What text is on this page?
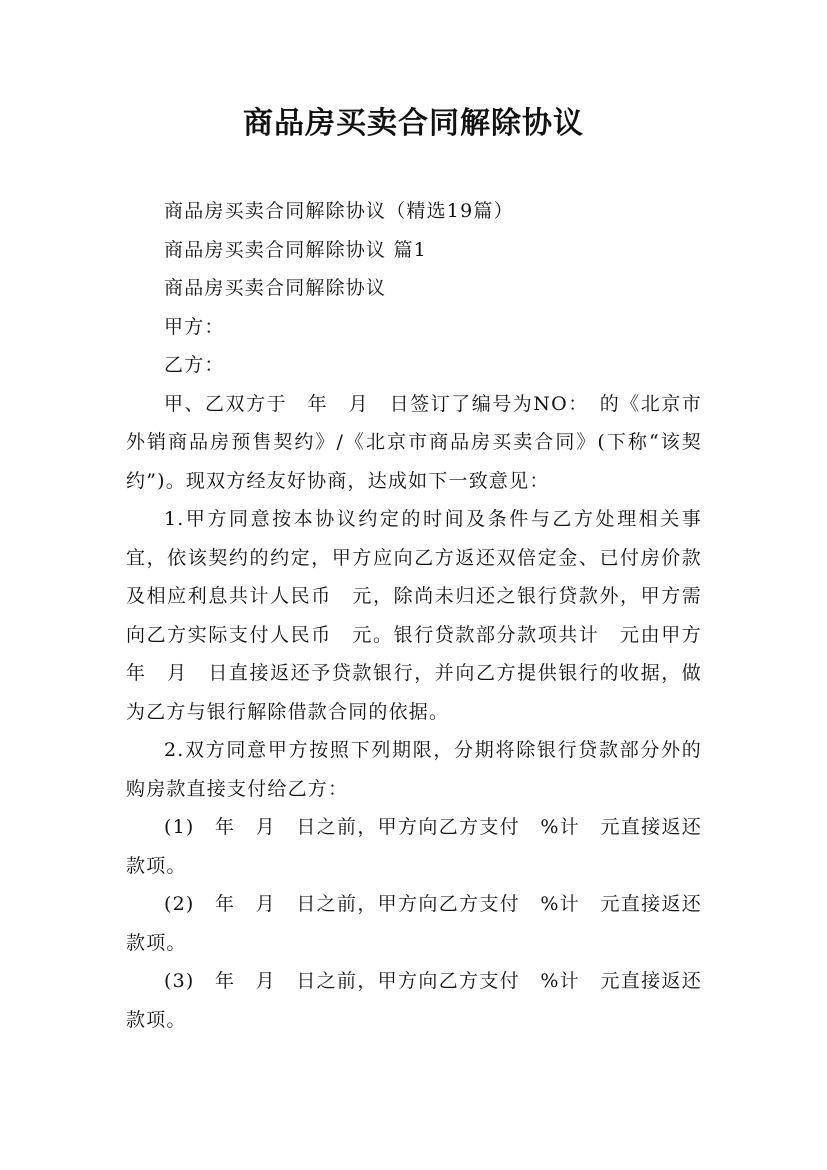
商品房买卖合同解除协议

商品房买卖合同解除协议（精选19篇）

商品房买卖合同解除协议 篇1

商品房买卖合同解除协议

甲方：

乙方：

甲、乙双方于　年　月　日签订了编号为NO：　的《北京市外销商品房预售契约》/《北京市商品房买卖合同》(下称“该契约”)。现双方经友好协商，达成如下一致意见：

1.甲方同意按本协议约定的时间及条件与乙方处理相关事宜，依该契约的约定，甲方应向乙方返还双倍定金、已付房价款及相应利息共计人民币　元，除尚未归还之银行贷款外，甲方需向乙方实际支付人民币　元。银行贷款部分款项共计　元由甲方　年　月　日直接返还予贷款银行，并向乙方提供银行的收据，做为乙方与银行解除借款合同的依据。

2.双方同意甲方按照下列期限，分期将除银行贷款部分外的购房款直接支付给乙方：

(1)　年　月　日之前，甲方向乙方支付　%计　元直接返还款项。

(2)　年　月　日之前，甲方向乙方支付　%计　元直接返还款项。

(3)　年　月　日之前，甲方向乙方支付　%计　元直接返还款项。
